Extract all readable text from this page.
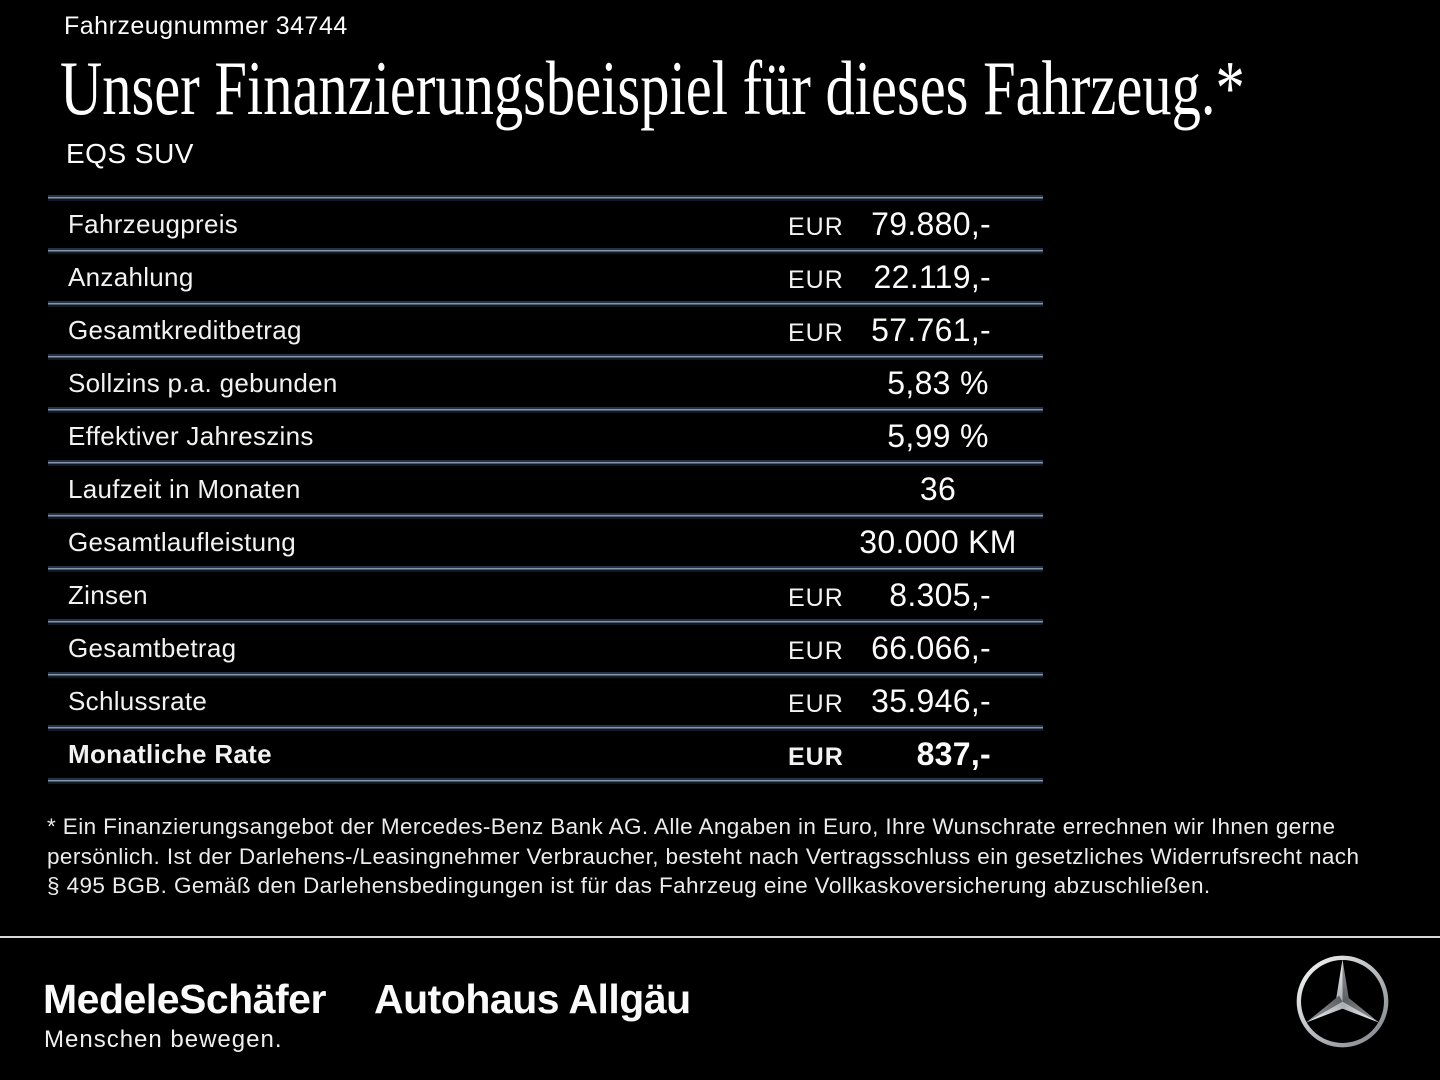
Fahrzeugnummer 34744
Unser Finanzierungsbeispiel für dieses Fahrzeug.*
EQS SUV
Fahrzeugpreis	EUR 79.880,-
Anzahlung	EUR 22.119,-
Gesamtkreditbetrag	EUR 57.761,-
Sollzins p.a. gebunden	5,83 %
Effektiver Jahreszins	5,99 %
Laufzeit in Monaten	36
Gesamtlaufleistung	30.000 KM
Zinsen	EUR	8.305,-
Gesamtbetrag	EUR 66.066,-
Schlussrate	EUR 35.946,-
Monatliche Rate	EUR	837,-
* Ein Finanzierungsangebot der Mercedes-Benz Bank AG. Alle Angaben in Euro, Ihre Wunschrate errechnen wir Ihnen gerne
persönlich. Ist der Darlehens-/Leasingnehmer Verbraucher, besteht nach Vertragsschluss ein gesetzliches Widerrufsrecht nach
§ 495 BGB. Gemäß den Darlehensbedingungen ist für das Fahrzeug eine Vollkaskoversicherung abzuschließen.
MedeleSchäfer
Menschen bewegen.
Autohaus Allgäu
